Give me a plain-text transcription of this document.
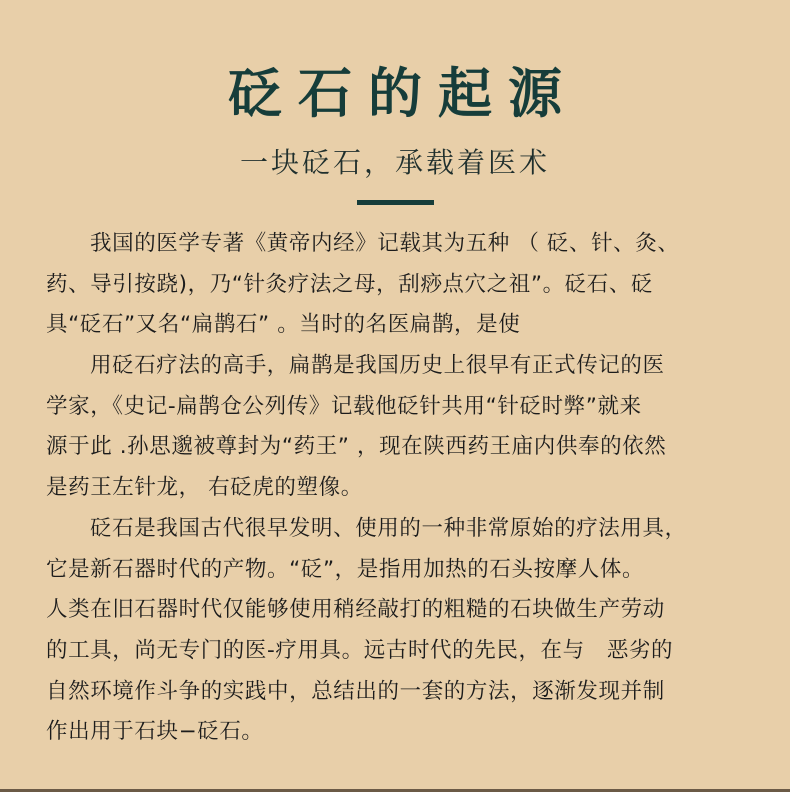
砭石的起源
一块砭石，承载着医术
我国的医学专著《黄帝内经》记载其为五种 （ 砭、针、灸、
药、导引按跷)，乃“针灸疗法之母，刮痧点穴之祖”。砭石、砭
具“砭石”又名“扁鹊石” 。当时的名医扁鹊，是使
用砭石疗法的高手，扁鹊是我国历史上很早有正式传记的医
学家，《史记-扁鹊仓公列传》记载他砭针共用“针砭时弊”就来
源于此 .孙思邈被尊封为“药王” ，现在陕西药王庙内供奉的依然
是药王左针龙， 右砭虎的塑像。
砭石是我国古代很早发明、使用的一种非常原始的疗法用具，
它是新石器时代的产物。“砭”，是指用加热的石头按摩人体。
人类在旧石器时代仅能够使用稍经敲打的粗糙的石块做生产劳动
的工具，尚无专门的医-疗用具。远古时代的先民，在与　恶劣的
自然环境作斗争的实践中，总结出的一套的方法，逐渐发现并制
作出用于石块−砭石。
